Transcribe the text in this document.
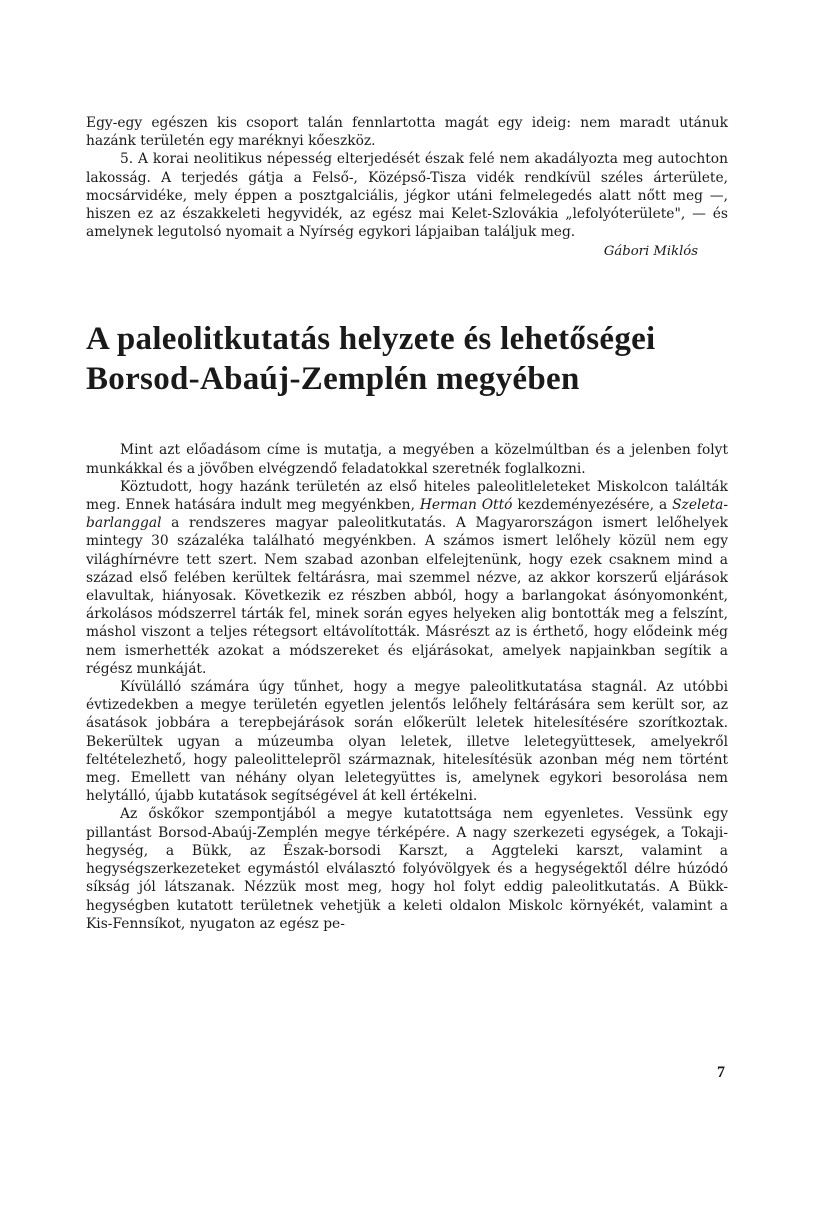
Egy-egy egészen kis csoport talán fennlartotta magát egy ideig: nem maradt utánuk hazánk területén egy maréknyi kőeszköz.

5. A korai neolitikus népesség elterjedését észak felé nem akadályozta meg autochton lakosság. A terjedés gátja a Felső-, Középső-Tisza vidék rendkívül széles árterülete, mocsárvidéke, mely éppen a posztgalciális, jégkor utáni felmelegedés alatt nőtt meg —, hiszen ez az északkeleti hegyvidék, az egész mai Kelet-Szlovákia „lefolyóterülete", — és amelynek legutolsó nyomait a Nyírség egykori lápjaiban találjuk meg.

Gábori Miklós

A paleolitkutatás helyzete és lehetőségei
Borsod-Abaúj-Zemplén megyében

Mint azt előadásom címe is mutatja, a megyében a közelmúltban és a jelenben folyt munkákkal és a jövőben elvégzendő feladatokkal szeretnék foglalkozni.

Köztudott, hogy hazánk területén az első hiteles paleolitleleteket Miskolcon találták meg. Ennek hatására indult meg megyénkben, Herman Ottó kezdeményezésére, a Szeleta-barlanggal a rendszeres magyar paleolitkutatás. A Magyarországon ismert lelőhelyek mintegy 30 százaléka található megyénkben. A számos ismert lelőhely közül nem egy világhírnévre tett szert. Nem szabad azonban elfelejtenünk, hogy ezek csaknem mind a század első felében kerültek feltárásra, mai szemmel nézve, az akkor korszerű eljárások elavultak, hiányosak. Következik ez részben abból, hogy a barlangokat ásónyomonként, árkolásos módszerrel tárták fel, minek során egyes helyeken alig bontották meg a felszínt, máshol viszont a teljes rétegsort eltávolították. Másrészt az is érthető, hogy elődeink még nem ismerhették azokat a módszereket és eljárásokat, amelyek napjainkban segítik a régész munkáját.

Kívülálló számára úgy tűnhet, hogy a megye paleolitkutatása stagnál. Az utóbbi évtizedekben a megye területén egyetlen jelentős lelőhely feltárására sem került sor, az ásatások jobbára a terepbejárások során előkerült leletek hitelesítésére szorítkoztak. Bekerültek ugyan a múzeumba olyan leletek, illetve leletegyüttesek, amelyekről feltételezhető, hogy paleolitteleprõl származnak, hitelesítésük azonban még nem történt meg. Emellett van néhány olyan leletegyüttes is, amelynek egykori besorolása nem helytálló, újabb kutatások segítségével át kell értékelni.

Az őskőkor szempontjából a megye kutatottsága nem egyenletes. Vessünk egy pillantást Borsod-Abaúj-Zemplén megye térképére. A nagy szerkezeti egységek, a Tokaji-hegység, a Bükk, az Észak-borsodi Karszt, a Aggteleki karszt, valamint a hegységszerkezeteket egymástól elválasztó folyóvölgyek és a hegységektől délre húzódó síkság jól látszanak. Nézzük most meg, hogy hol folyt eddig paleolitkutatás. A Bükk-hegységben kutatott területnek vehetjük a keleti oldalon Miskolc környékét, valamint a Kis-Fennsíkot, nyugaton az egész pe-

7
